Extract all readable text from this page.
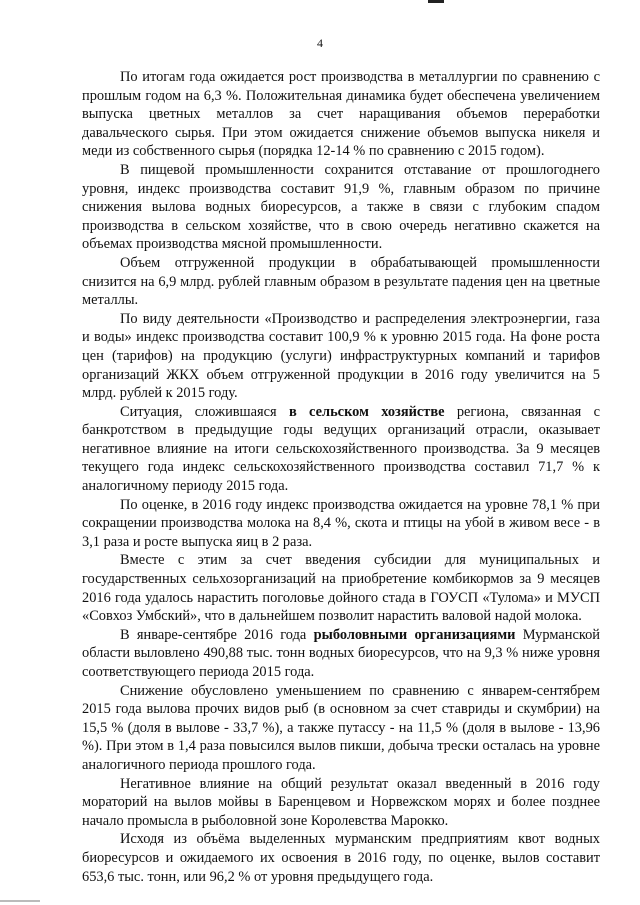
4

По итогам года ожидается рост производства в металлургии по сравнению с прошлым годом на 6,3 %. Положительная динамика будет обеспечена увеличением выпуска цветных металлов за счет наращивания объемов переработки давальческого сырья. При этом ожидается снижение объемов выпуска никеля и меди из собственного сырья (порядка 12-14 % по сравнению с 2015 годом).

В пищевой промышленности сохранится отставание от прошлогоднего уровня, индекс производства составит 91,9 %, главным образом по причине снижения вылова водных биоресурсов, а также в связи с глубоким спадом производства в сельском хозяйстве, что в свою очередь негативно скажется на объемах производства мясной промышленности.

Объем отгруженной продукции в обрабатывающей промышленности снизится на 6,9 млрд. рублей главным образом в результате падения цен на цветные металлы.

По виду деятельности «Производство и распределения электроэнергии, газа и воды» индекс производства составит 100,9 % к уровню 2015 года. На фоне роста цен (тарифов) на продукцию (услуги) инфраструктурных компаний и тарифов организаций ЖКХ объем отгруженной продукции в 2016 году увеличится на 5 млрд. рублей к 2015 году.

Ситуация, сложившаяся в сельском хозяйстве региона, связанная с банкротством в предыдущие годы ведущих организаций отрасли, оказывает негативное влияние на итоги сельскохозяйственного производства. За 9 месяцев текущего года индекс сельскохозяйственного производства составил 71,7 % к аналогичному периоду 2015 года.

По оценке, в 2016 году индекс производства ожидается на уровне 78,1 % при сокращении производства молока на 8,4 %, скота и птицы на убой в живом весе - в 3,1 раза и росте выпуска яиц в 2 раза.

Вместе с этим за счет введения субсидии для муниципальных и государственных сельхозорганизаций на приобретение комбикормов за 9 месяцев 2016 года удалось нарастить поголовье дойного стада в ГОУСП «Тулома» и МУСП «Совхоз Умбский», что в дальнейшем позволит нарастить валовой надой молока.

В январе-сентябре 2016 года рыболовными организациями Мурманской области выловлено 490,88 тыс. тонн водных биоресурсов, что на 9,3 % ниже уровня соответствующего периода 2015 года.

Снижение обусловлено уменьшением по сравнению с январем-сентябрем 2015 года вылова прочих видов рыб (в основном за счет ставриды и скумбрии) на 15,5 % (доля в вылове - 33,7 %), а также путассу - на 11,5 % (доля в вылове - 13,96 %). При этом в 1,4 раза повысился вылов пикши, добыча трески осталась на уровне аналогичного периода прошлого года.

Негативное влияние на общий результат оказал введенный в 2016 году мораторий на вылов мойвы в Баренцевом и Норвежском морях и более позднее начало промысла в рыболовной зоне Королевства Марокко.

Исходя из объёма выделенных мурманским предприятиям квот водных биоресурсов и ожидаемого их освоения в 2016 году, по оценке, вылов составит 653,6 тыс. тонн, или 96,2 % от уровня предыдущего года.
